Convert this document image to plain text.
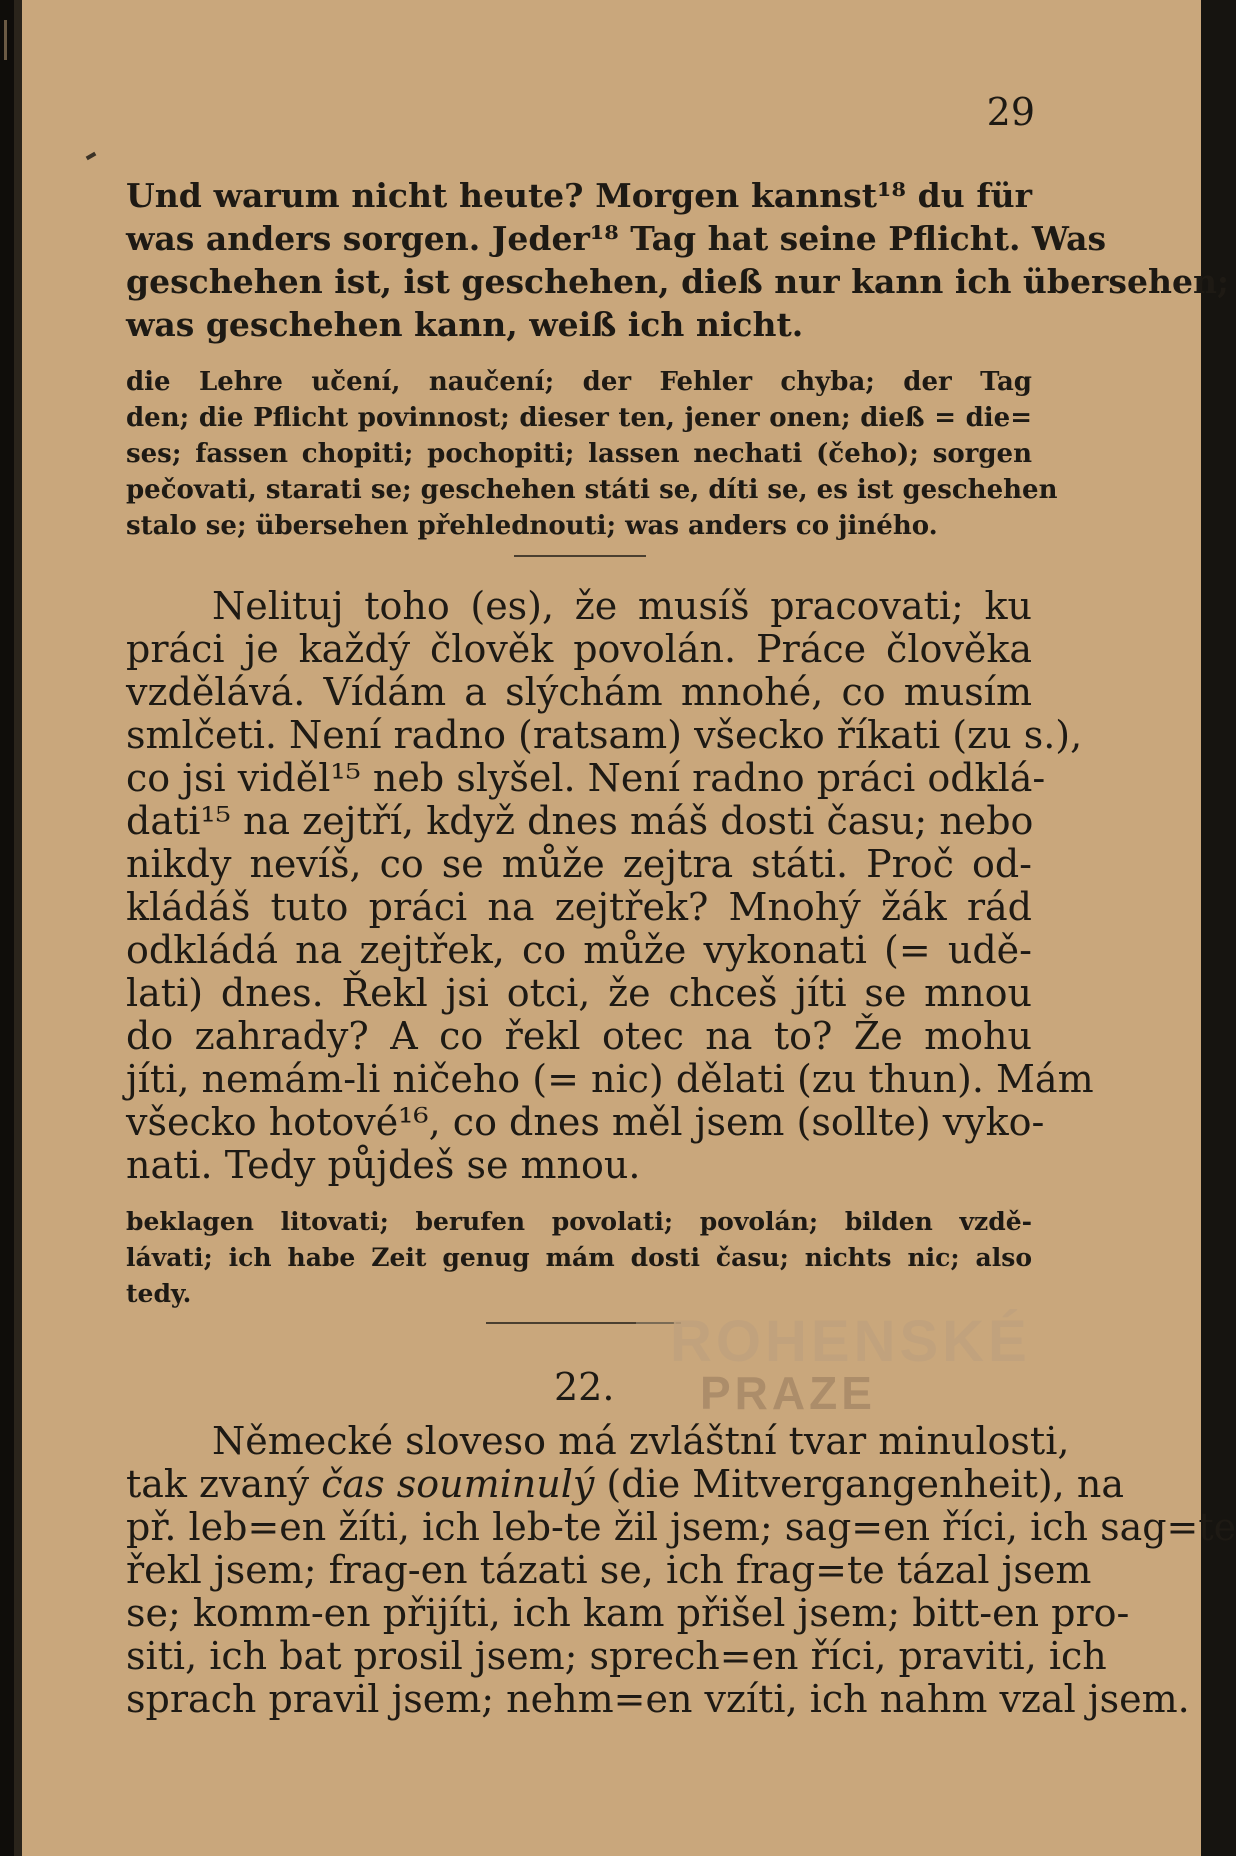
29

Und warum nicht heute? Morgen kannst¹⁸ du für

was anders sorgen. Jeder¹⁸ Tag hat seine Pflicht. Was

geschehen ist, ist geschehen, dieß nur kann ich übersehen;

was geschehen kann, weiß ich nicht.

die Lehre učení, naučení; der Fehler chyba; der Tag

den; die Pflicht povinnost; dieser ten, jener onen; dieß = die=

ses; fassen chopiti; pochopiti; lassen nechati (čeho); sorgen

pečovati, starati se; geschehen státi se, díti se, es ist geschehen

stalo se; übersehen přehlednouti; was anders co jiného.

Nelituj toho (es), že musíš pracovati; ku

práci je každý člověk povolán. Práce člověka

vzdělává. Vídám a slýchám mnohé, co musím

smlčeti. Není radno (ratsam) všecko říkati (zu s.),

co jsi viděl¹⁵ neb slyšel. Není radno práci odklá-

dati¹⁵ na zejtří, když dnes máš dosti času; nebo

nikdy nevíš, co se může zejtra státi. Proč od-

kládáš tuto práci na zejtřek? Mnohý žák rád

odkládá na zejtřek, co může vykonati (= udě-

lati) dnes. Řekl jsi otci, že chceš jíti se mnou

do zahrady? A co řekl otec na to? Že mohu

jíti, nemám-li ničeho (= nic) dělati (zu thun). Mám

všecko hotové¹⁶, co dnes měl jsem (sollte) vyko-

nati. Tedy půjdeš se mnou.

beklagen litovati; berufen povolati; povolán; bilden vzdě-

lávati; ich habe Zeit genug mám dosti času; nichts nic; also

tedy.

ROHENSKÉ
22. PRAZE

Německé sloveso má zvláštní tvar minulosti,

tak zvaný čas souminulý (die Mitvergangenheit), na

př. leb=en žíti, ich leb-te žil jsem; sag=en říci, ich sag=te

řekl jsem; frag-en tázati se, ich frag=te tázal jsem

se; komm-en přijíti, ich kam přišel jsem; bitt-en pro-

siti, ich bat prosil jsem; sprech=en říci, praviti, ich

sprach pravil jsem; nehm=en vzíti, ich nahm vzal jsem.
